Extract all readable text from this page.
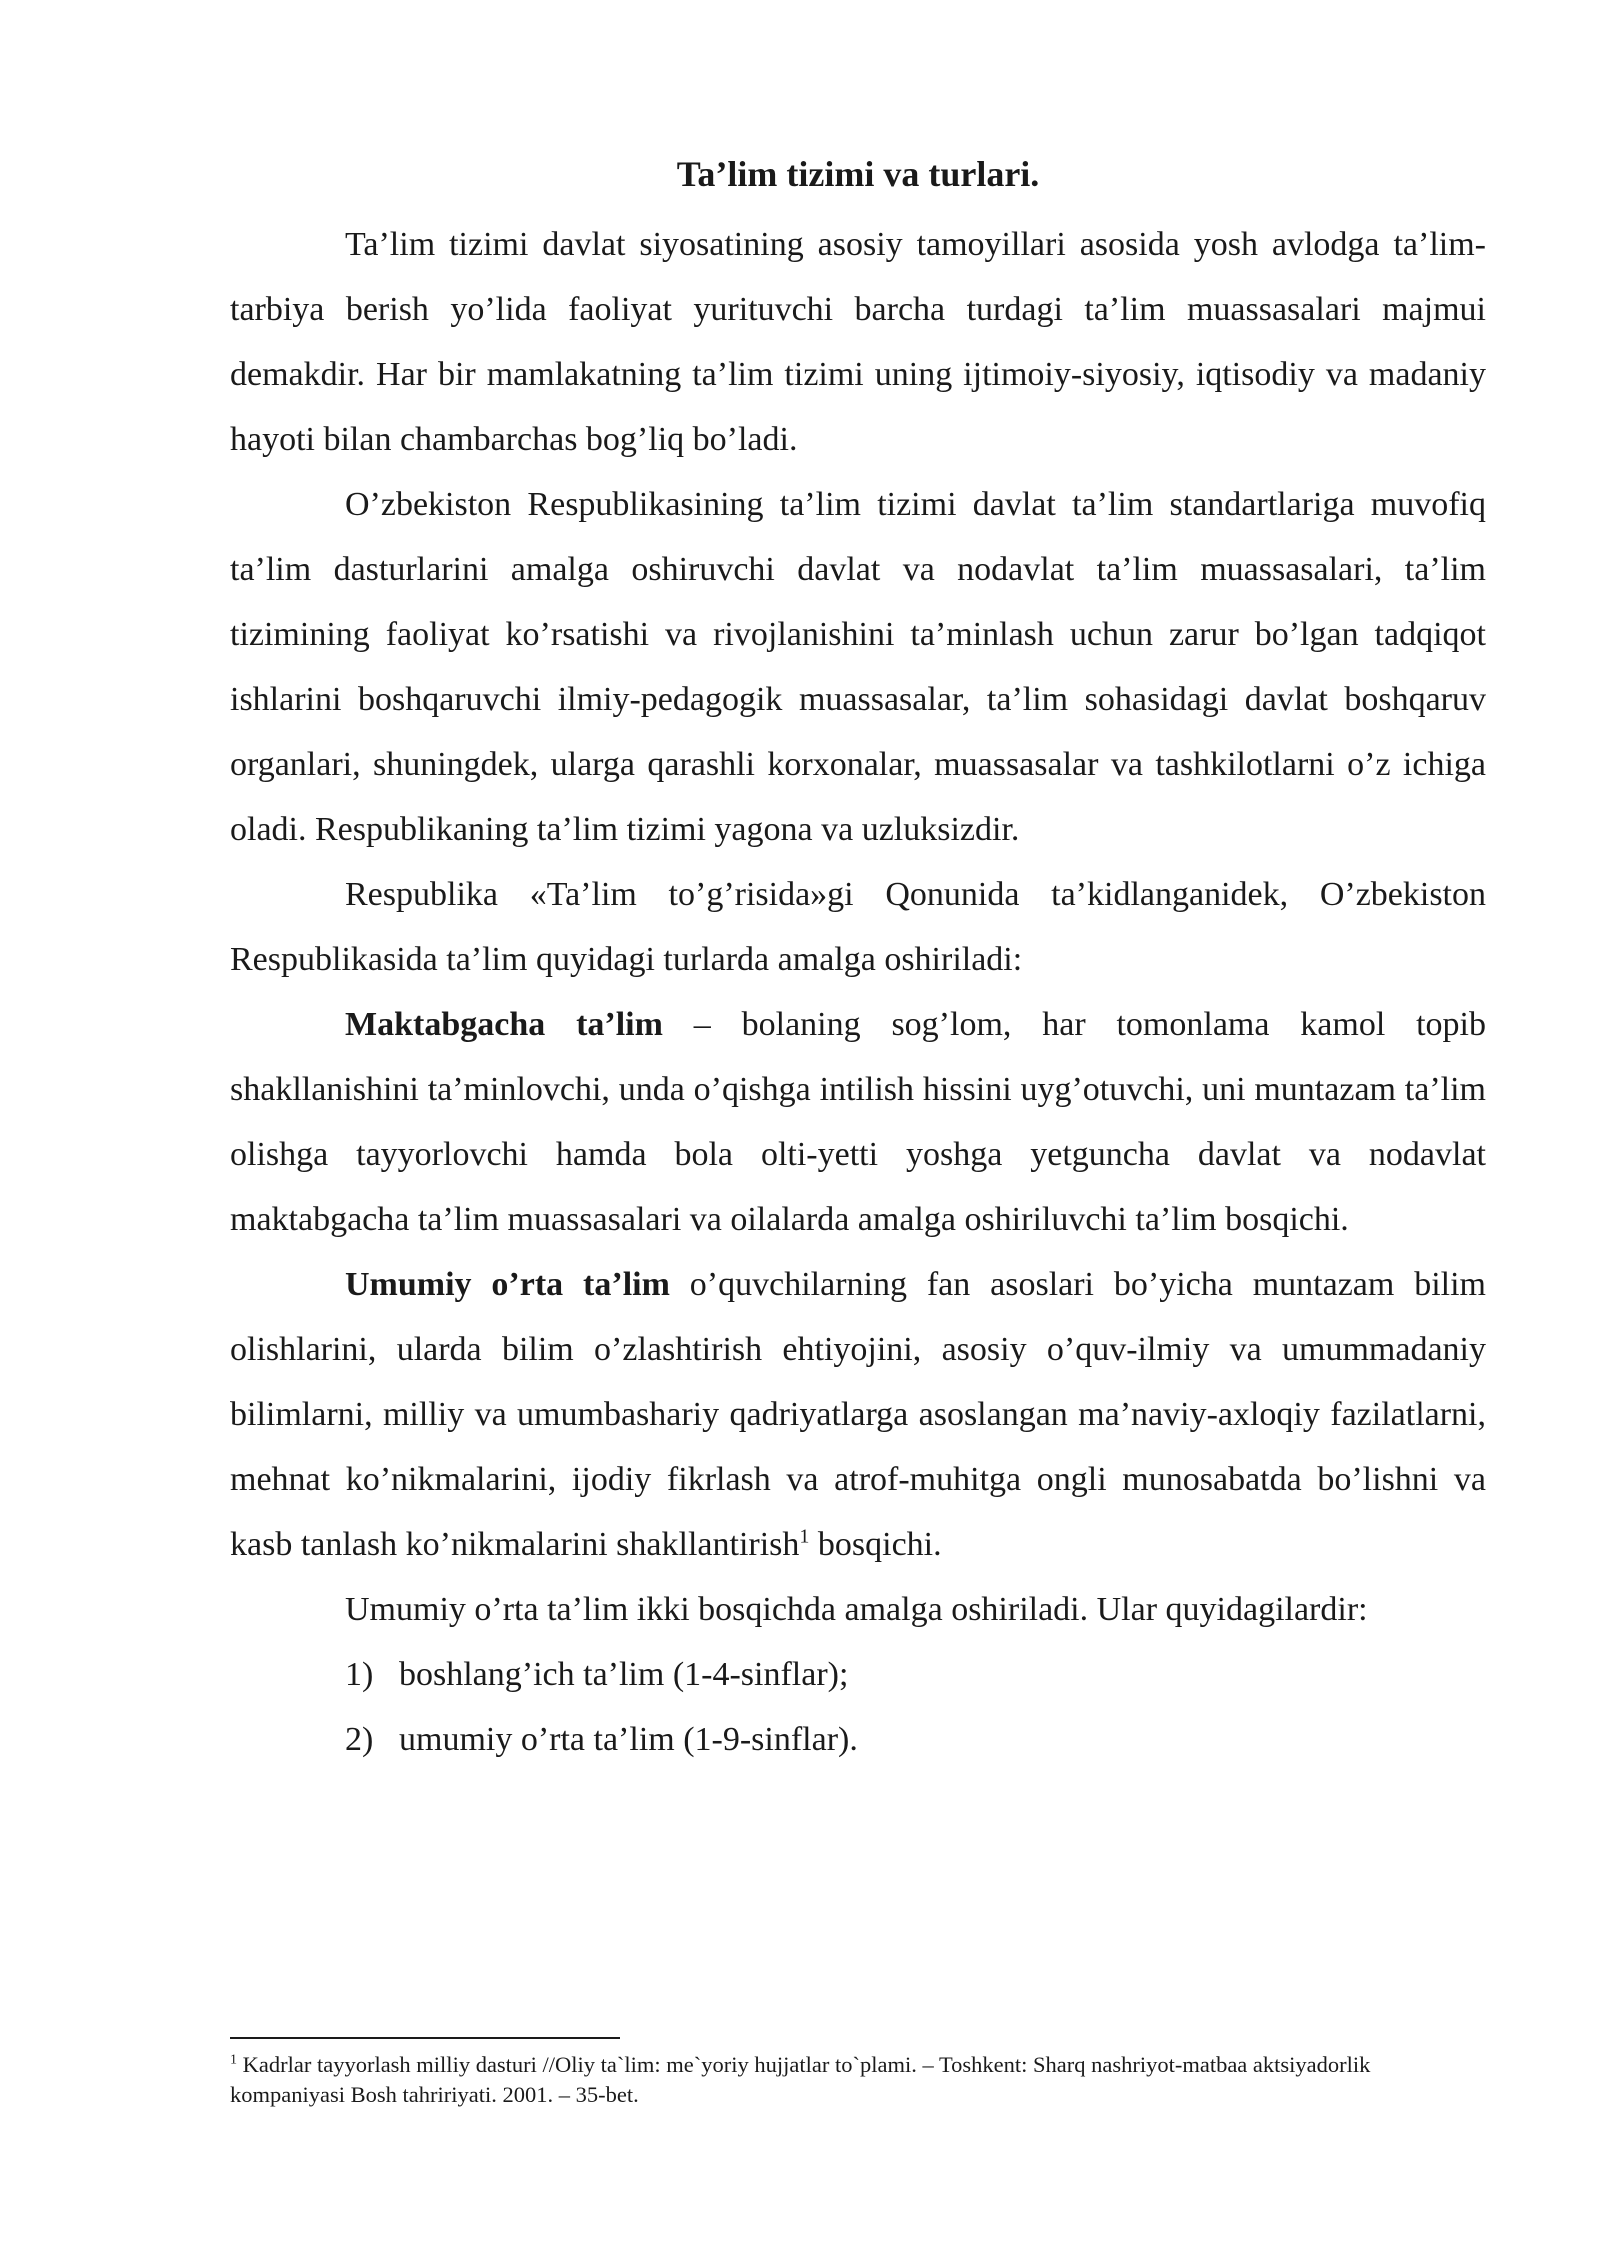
Ta’lim tizimi va turlari.

Ta’lim tizimi davlat siyosatining asosiy tamoyillari asosida yosh avlodga ta’lim-tarbiya berish yo’lida faoliyat yurituvchi barcha turdagi ta’lim muassasalari majmui demakdir. Har bir mamlakatning ta’lim tizimi uning ijtimoiy-siyosiy, iqtisodiy va madaniy hayoti bilan chambarchas bog’liq bo’ladi.

O’zbekiston Respublikasining ta’lim tizimi davlat ta’lim standartlariga muvofiq ta’lim dasturlarini amalga oshiruvchi davlat va nodavlat ta’lim muassasalari, ta’lim tizimining faoliyat ko’rsatishi va rivojlanishini ta’minlash uchun zarur bo’lgan tadqiqot ishlarini boshqaruvchi ilmiy-pedagogik muassasalar, ta’lim sohasidagi davlat boshqaruv organlari, shuningdek, ularga qarashli korxonalar, muassasalar va tashkilotlarni o’z ichiga oladi. Respublikaning ta’lim tizimi yagona va uzluksizdir.

Respublika «Ta’lim to’g’risida»gi Qonunida ta’kidlanganidek, O’zbekiston Respublikasida ta’lim quyidagi turlarda amalga oshiriladi:

Maktabgacha ta’lim – bolaning sog’lom, har tomonlama kamol topib shakllanishini ta’minlovchi, unda o’qishga intilish hissini uyg’otuvchi, uni muntazam ta’lim olishga tayyorlovchi hamda bola olti-yetti yoshga yetguncha davlat va nodavlat maktabgacha ta’lim muassasalari va oilalarda amalga oshiriluvchi ta’lim bosqichi.

Umumiy o’rta ta’lim o’quvchilarning fan asoslari bo’yicha muntazam bilim olishlarini, ularda bilim o’zlashtirish ehtiyojini, asosiy o’quv-ilmiy va umummadaniy bilimlarni, milliy va umumbashariy qadriyatlarga asoslangan ma’naviy-axloqiy fazilatlarni, mehnat ko’nikmalarini, ijodiy fikrlash va atrof-muhitga ongli munosabatda bo’lishni va kasb tanlash ko’nikmalarini shakllantirish$^1$ bosqichi.

Umumiy o’rta ta’lim ikki bosqichda amalga oshiriladi. Ular quyidagilardir:

1) boshlang’ich ta’lim (1-4-sinflar);
2) umumiy o’rta ta’lim (1-9-sinflar).
$^1$ Kadrlar tayyorlash milliy dasturi //Oliy ta`lim: me`yoriy hujjatlar to`plami. – Toshkent: Sharq nashriyot-matbaa aktsiyadorlik kompaniyasi Bosh tahririyati. 2001. – 35-bet.
